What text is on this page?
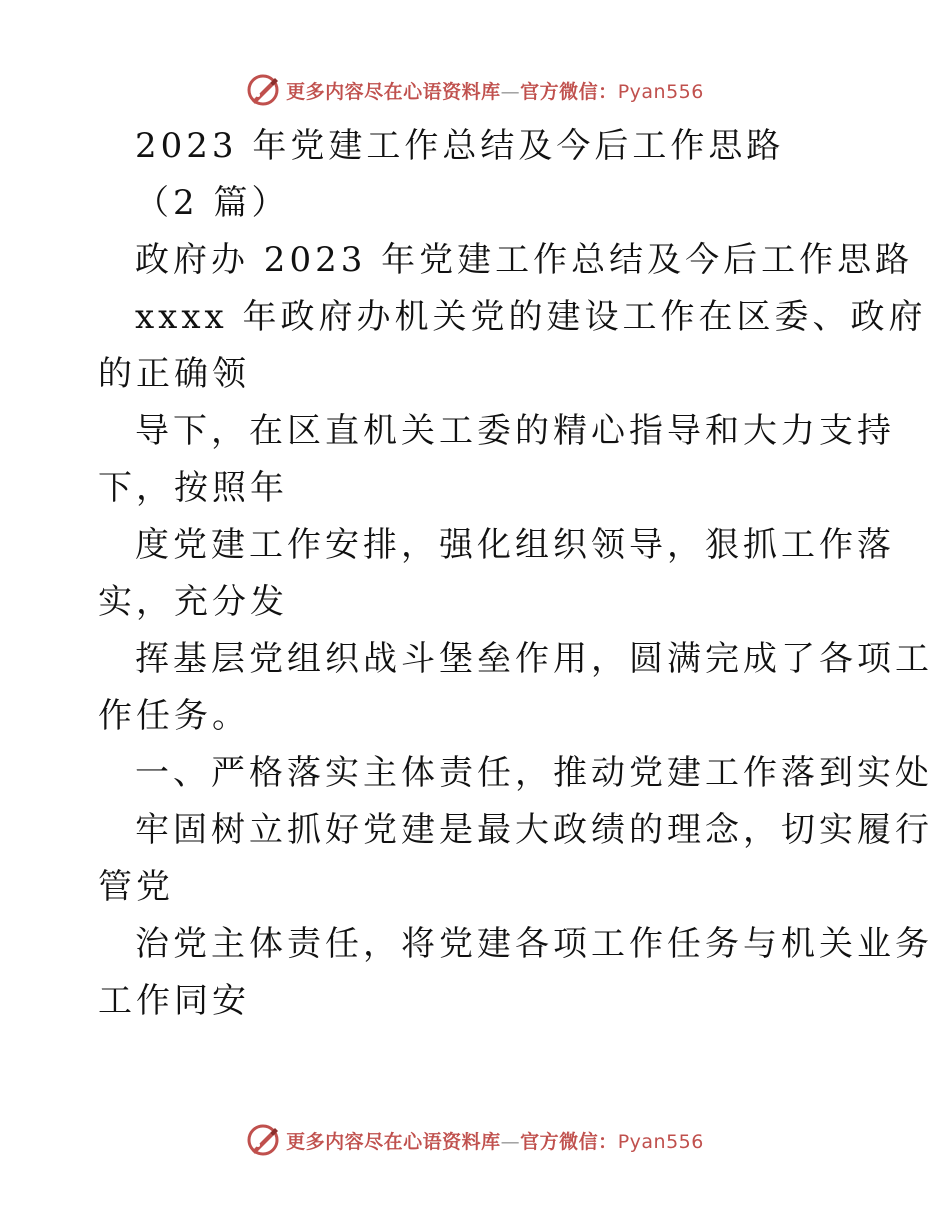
更多内容尽在心语资料库—官方微信：Pyan556
2023 年党建工作总结及今后工作思路
（2 篇）
政府办 2023 年党建工作总结及今后工作思路
xxxx 年政府办机关党的建设工作在区委、政府
的正确领
导下，在区直机关工委的精心指导和大力支持
下，按照年
度党建工作安排，强化组织领导，狠抓工作落
实，充分发
挥基层党组织战斗堡垒作用，圆满完成了各项工
作任务。
一、严格落实主体责任，推动党建工作落到实处
牢固树立抓好党建是最大政绩的理念，切实履行
管党
治党主体责任，将党建各项工作任务与机关业务
工作同安
更多内容尽在心语资料库—官方微信：Pyan556
